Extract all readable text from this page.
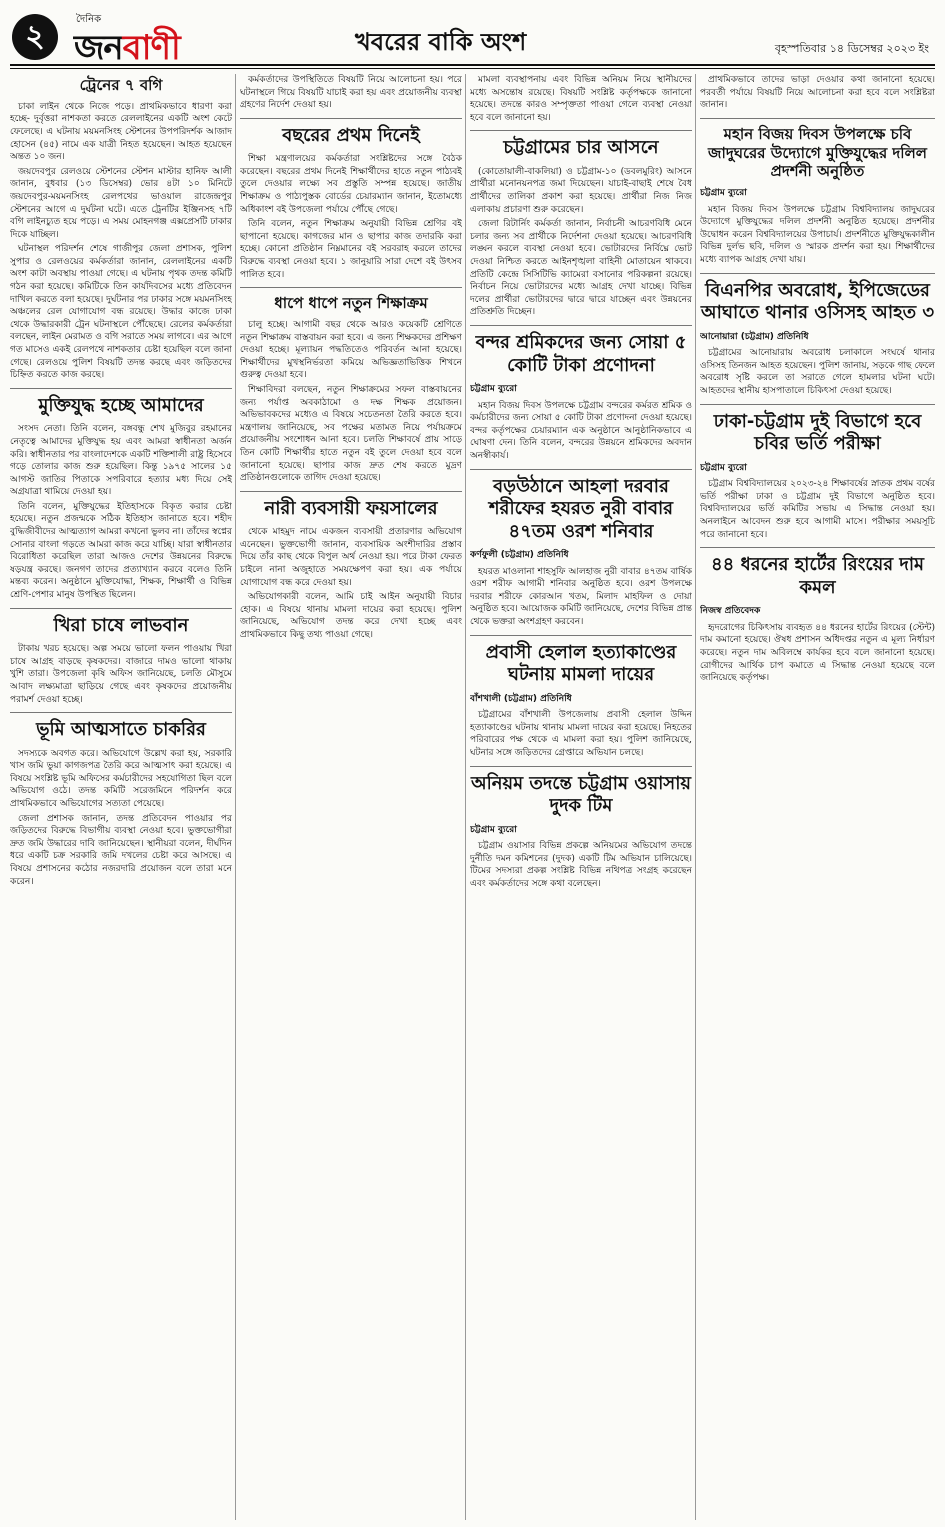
২	দৈনিক
জনবাণী	খবরের বাকি অংশ	বৃহস্পতিবার ১৪ ডিসেম্বর ২০২৩ ইং
ট্রেনের ৭ বগি

চাকা লাইন থেকে নিজে পড়ে। প্রাথমিকভাবে ধারণা করা হচ্ছে- দুর্বৃত্তরা নাশকতা করতে রেললাইনের একটি অংশ কেটে ফেলেছে। এ ঘটনায় ময়মনসিংহ স্টেশনের উপপরিদর্শক আজাদ হোসেন (৪৫) নামে এক যাত্রী নিহত হয়েছেন। আহত হয়েছেন অন্তত ১০ জন।

জয়দেবপুর রেলওয়ে স্টেশনের স্টেশন মাস্টার হানিফ আলী জানান, বুধবার (১৩ ডিসেম্বর) ভোর ৪টা ১০ মিনিটে জয়দেবপুর-ময়মনসিংহ রেলপথের ভাওয়াল রাজেন্দ্রপুর স্টেশনের আগে এ দুর্ঘটনা ঘটে। এতে ট্রেনটির ইঞ্জিনসহ ৭টি বগি লাইনচ্যুত হয়ে পড়ে। এ সময় মোহনগঞ্জ এক্সপ্রেসটি ঢাকার দিকে যাচ্ছিল।

ঘটনাস্থল পরিদর্শন শেষে গাজীপুর জেলা প্রশাসক, পুলিশ সুপার ও রেলওয়ের কর্মকর্তারা জানান, রেললাইনের একটি অংশ কাটা অবস্থায় পাওয়া গেছে। এ ঘটনায় পৃথক তদন্ত কমিটি গঠন করা হয়েছে। কমিটিকে তিন কার্যদিবসের মধ্যে প্রতিবেদন দাখিল করতে বলা হয়েছে। দুর্ঘটনার পর ঢাকার সঙ্গে ময়মনসিংহ অঞ্চলের রেল যোগাযোগ বন্ধ রয়েছে। উদ্ধার কাজে ঢাকা থেকে উদ্ধারকারী ট্রেন ঘটনাস্থলে পৌঁছেছে। রেলের কর্মকর্তারা বলছেন, লাইন মেরামত ও বগি সরাতে সময় লাগবে। এর আগে গত মাসেও একই রেলপথে নাশকতার চেষ্টা হয়েছিল বলে জানা গেছে। রেলওয়ে পুলিশ বিষয়টি তদন্ত করছে এবং জড়িতদের চিহ্নিত করতে কাজ করছে।

মুক্তিযুদ্ধ হচ্ছে আমাদের

সংসদ নেতা। তিনি বলেন, বঙ্গবন্ধু শেখ মুজিবুর রহমানের নেতৃত্বে আমাদের মুক্তিযুদ্ধ হয় এবং আমরা স্বাধীনতা অর্জন করি। স্বাধীনতার পর বাংলাদেশকে একটি শক্তিশালী রাষ্ট্র হিসেবে গড়ে তোলার কাজ শুরু হয়েছিল। কিন্তু ১৯৭৫ সালের ১৫ আগস্ট জাতির পিতাকে সপরিবারে হত্যার মধ্য দিয়ে সেই অগ্রযাত্রা থামিয়ে দেওয়া হয়।

তিনি বলেন, মুক্তিযুদ্ধের ইতিহাসকে বিকৃত করার চেষ্টা হয়েছে। নতুন প্রজন্মকে সঠিক ইতিহাস জানাতে হবে। শহীদ বুদ্ধিজীবীদের আত্মত্যাগ আমরা কখনো ভুলব না। তাঁদের স্বপ্নের সোনার বাংলা গড়তে আমরা কাজ করে যাচ্ছি। যারা স্বাধীনতার বিরোধিতা করেছিল তারা আজও দেশের উন্নয়নের বিরুদ্ধে ষড়যন্ত্র করছে। জনগণ তাদের প্রত্যাখ্যান করবে বলেও তিনি মন্তব্য করেন। অনুষ্ঠানে মুক্তিযোদ্ধা, শিক্ষক, শিক্ষার্থী ও বিভিন্ন শ্রেণি-পেশার মানুষ উপস্থিত ছিলেন।

খিরা চাষে লাভবান

টাকায় খরচ হয়েছে। অল্প সময়ে ভালো ফলন পাওয়ায় খিরা চাষে আগ্রহ বাড়ছে কৃষকদের। বাজারে দামও ভালো থাকায় খুশি তারা। উপজেলা কৃষি অফিস জানিয়েছে, চলতি মৌসুমে আবাদ লক্ষ্যমাত্রা ছাড়িয়ে গেছে এবং কৃষকদের প্রয়োজনীয় পরামর্শ দেওয়া হচ্ছে।

ভূমি আত্মসাতে চাকরির

সদস্যকে অবগত করে। অভিযোগে উল্লেখ করা হয়, সরকারি খাস জমি ভুয়া কাগজপত্র তৈরি করে আত্মসাৎ করা হয়েছে। এ বিষয়ে সংশ্লিষ্ট ভূমি অফিসের কর্মচারীদের সহযোগিতা ছিল বলে অভিযোগ ওঠে। তদন্ত কমিটি সরেজমিনে পরিদর্শন করে প্রাথমিকভাবে অভিযোগের সত্যতা পেয়েছে।

জেলা প্রশাসক জানান, তদন্ত প্রতিবেদন পাওয়ার পর জড়িতদের বিরুদ্ধে বিভাগীয় ব্যবস্থা নেওয়া হবে। ভুক্তভোগীরা দ্রুত জমি উদ্ধারের দাবি জানিয়েছেন। স্থানীয়রা বলেন, দীর্ঘদিন ধরে একটি চক্র সরকারি জমি দখলের চেষ্টা করে আসছে। এ বিষয়ে প্রশাসনের কঠোর নজরদারি প্রয়োজন বলে তারা মনে করেন।

কর্মকর্তাদের উপস্থিতিতে বিষয়টি নিয়ে আলোচনা হয়। পরে ঘটনাস্থলে গিয়ে বিষয়টি যাচাই করা হয় এবং প্রয়োজনীয় ব্যবস্থা গ্রহণের নির্দেশ দেওয়া হয়।

বছরের প্রথম দিনেই

শিক্ষা মন্ত্রণালয়ের কর্মকর্তারা সংশ্লিষ্টদের সঙ্গে বৈঠক করেছেন। বছরের প্রথম দিনেই শিক্ষার্থীদের হাতে নতুন পাঠ্যবই তুলে দেওয়ার লক্ষ্যে সব প্রস্তুতি সম্পন্ন হয়েছে। জাতীয় শিক্ষাক্রম ও পাঠ্যপুস্তক বোর্ডের চেয়ারম্যান জানান, ইতোমধ্যে অধিকাংশ বই উপজেলা পর্যায়ে পৌঁছে গেছে।

তিনি বলেন, নতুন শিক্ষাক্রম অনুযায়ী বিভিন্ন শ্রেণির বই ছাপানো হয়েছে। কাগজের মান ও ছাপার কাজ তদারকি করা হচ্ছে। কোনো প্রতিষ্ঠান নিম্নমানের বই সরবরাহ করলে তাদের বিরুদ্ধে ব্যবস্থা নেওয়া হবে। ১ জানুয়ারি সারা দেশে বই উৎসব পালিত হবে।

ধাপে ধাপে নতুন শিক্ষাক্রম

চালু হচ্ছে। আগামী বছর থেকে আরও কয়েকটি শ্রেণিতে নতুন শিক্ষাক্রম বাস্তবায়ন করা হবে। এ জন্য শিক্ষকদের প্রশিক্ষণ দেওয়া হচ্ছে। মূল্যায়ন পদ্ধতিতেও পরিবর্তন আনা হয়েছে। শিক্ষার্থীদের মুখস্থনির্ভরতা কমিয়ে অভিজ্ঞতাভিত্তিক শিখনে গুরুত্ব দেওয়া হবে।

শিক্ষাবিদরা বলছেন, নতুন শিক্ষাক্রমের সফল বাস্তবায়নের জন্য পর্যাপ্ত অবকাঠামো ও দক্ষ শিক্ষক প্রয়োজন। অভিভাবকদের মধ্যেও এ বিষয়ে সচেতনতা তৈরি করতে হবে। মন্ত্রণালয় জানিয়েছে, সব পক্ষের মতামত নিয়ে পর্যায়ক্রমে প্রয়োজনীয় সংশোধন আনা হবে। চলতি শিক্ষাবর্ষে প্রায় সাড়ে তিন কোটি শিক্ষার্থীর হাতে নতুন বই তুলে দেওয়া হবে বলে জানানো হয়েছে। ছাপার কাজ দ্রুত শেষ করতে মুদ্রণ প্রতিষ্ঠানগুলোকে তাগিদ দেওয়া হয়েছে।

নারী ব্যবসায়ী ফয়সালের

থেকে মাহমুদ নামে একজন ব্যবসায়ী প্রতারণার অভিযোগ এনেছেন। ভুক্তভোগী জানান, ব্যবসায়িক অংশীদারির প্রস্তাব দিয়ে তাঁর কাছ থেকে বিপুল অর্থ নেওয়া হয়। পরে টাকা ফেরত চাইলে নানা অজুহাতে সময়ক্ষেপণ করা হয়। এক পর্যায়ে যোগাযোগ বন্ধ করে দেওয়া হয়।

অভিযোগকারী বলেন, আমি চাই আইন অনুযায়ী বিচার হোক। এ বিষয়ে থানায় মামলা দায়ের করা হয়েছে। পুলিশ জানিয়েছে, অভিযোগ তদন্ত করে দেখা হচ্ছে এবং প্রাথমিকভাবে কিছু তথ্য পাওয়া গেছে।

মামলা ব্যবস্থাপনায় এবং বিভিন্ন অনিয়ম নিয়ে স্থানীয়দের মধ্যে অসন্তোষ রয়েছে। বিষয়টি সংশ্লিষ্ট কর্তৃপক্ষকে জানানো হয়েছে। তদন্তে কারও সম্পৃক্ততা পাওয়া গেলে ব্যবস্থা নেওয়া হবে বলে জানানো হয়।

চট্টগ্রামের চার আসনে

(কোতোয়ালী-বাকলিয়া) ও চট্টগ্রাম-১০ (ডবলমুরিং) আসনে প্রার্থীরা মনোনয়নপত্র জমা দিয়েছেন। যাচাই-বাছাই শেষে বৈধ প্রার্থীদের তালিকা প্রকাশ করা হয়েছে। প্রার্থীরা নিজ নিজ এলাকায় প্রচারণা শুরু করেছেন।

জেলা রিটার্নিং কর্মকর্তা জানান, নির্বাচনী আচরণবিধি মেনে চলার জন্য সব প্রার্থীকে নির্দেশনা দেওয়া হয়েছে। আচরণবিধি লঙ্ঘন করলে ব্যবস্থা নেওয়া হবে। ভোটারদের নির্বিঘ্নে ভোট দেওয়া নিশ্চিত করতে আইনশৃঙ্খলা বাহিনী মোতায়েন থাকবে। প্রতিটি কেন্দ্রে সিসিটিভি ক্যামেরা বসানোর পরিকল্পনা রয়েছে। নির্বাচন নিয়ে ভোটারদের মধ্যে আগ্রহ দেখা যাচ্ছে। বিভিন্ন দলের প্রার্থীরা ভোটারদের দ্বারে দ্বারে যাচ্ছেন এবং উন্নয়নের প্রতিশ্রুতি দিচ্ছেন।

বন্দর শ্রমিকদের জন্য সোয়া ৫ কোটি টাকা প্রণোদনা
চট্টগ্রাম ব্যুরো

মহান বিজয় দিবস উপলক্ষে চট্টগ্রাম বন্দরের কর্মরত শ্রমিক ও কর্মচারীদের জন্য সোয়া ৫ কোটি টাকা প্রণোদনা দেওয়া হয়েছে। বন্দর কর্তৃপক্ষের চেয়ারম্যান এক অনুষ্ঠানে আনুষ্ঠানিকভাবে এ ঘোষণা দেন। তিনি বলেন, বন্দরের উন্নয়নে শ্রমিকদের অবদান অনস্বীকার্য।

বড়উঠানে আহলা দরবার শরীফের হযরত নুরী বাবার ৪৭তম ওরশ শনিবার
কর্ণফুলী (চট্টগ্রাম) প্রতিনিধি

হযরত মাওলানা শাহসুফি আলহাজ নুরী বাবার ৪৭তম বার্ষিক ওরশ শরীফ আগামী শনিবার অনুষ্ঠিত হবে। ওরশ উপলক্ষে দরবার শরীফে কোরআন খতম, মিলাদ মাহফিল ও দোয়া অনুষ্ঠিত হবে। আয়োজক কমিটি জানিয়েছে, দেশের বিভিন্ন প্রান্ত থেকে ভক্তরা অংশগ্রহণ করবেন।

প্রবাসী হেলাল হত্যাকাণ্ডের ঘটনায় মামলা দায়ের
বাঁশখালী (চট্টগ্রাম) প্রতিনিধি

চট্টগ্রামের বাঁশখালী উপজেলায় প্রবাসী হেলাল উদ্দিন হত্যাকাণ্ডের ঘটনায় থানায় মামলা দায়ের করা হয়েছে। নিহতের পরিবারের পক্ষ থেকে এ মামলা করা হয়। পুলিশ জানিয়েছে, ঘটনার সঙ্গে জড়িতদের গ্রেপ্তারে অভিযান চলছে।

অনিয়ম তদন্তে চট্টগ্রাম ওয়াসায় দুদক টিম
চট্টগ্রাম ব্যুরো

চট্টগ্রাম ওয়াসার বিভিন্ন প্রকল্পে অনিয়মের অভিযোগ তদন্তে দুর্নীতি দমন কমিশনের (দুদক) একটি টিম অভিযান চালিয়েছে। টিমের সদস্যরা প্রকল্প সংশ্লিষ্ট বিভিন্ন নথিপত্র সংগ্রহ করেছেন এবং কর্মকর্তাদের সঙ্গে কথা বলেছেন।

প্রাথমিকভাবে তাদের ভাড়া দেওয়ার কথা জানানো হয়েছে। পরবর্তী পর্যায়ে বিষয়টি নিয়ে আলোচনা করা হবে বলে সংশ্লিষ্টরা জানান।

মহান বিজয় দিবস উপলক্ষে চবি জাদুঘরের উদ্যোগে মুক্তিযুদ্ধের দলিল প্রদর্শনী অনুষ্ঠিত
চট্টগ্রাম ব্যুরো

মহান বিজয় দিবস উপলক্ষে চট্টগ্রাম বিশ্ববিদ্যালয় জাদুঘরের উদ্যোগে মুক্তিযুদ্ধের দলিল প্রদর্শনী অনুষ্ঠিত হয়েছে। প্রদর্শনীর উদ্বোধন করেন বিশ্ববিদ্যালয়ের উপাচার্য। প্রদর্শনীতে মুক্তিযুদ্ধকালীন বিভিন্ন দুর্লভ ছবি, দলিল ও স্মারক প্রদর্শন করা হয়। শিক্ষার্থীদের মধ্যে ব্যাপক আগ্রহ দেখা যায়।

বিএনপির অবরোধ, ইপিজেডের আঘাতে থানার ওসিসহ আহত ৩
আনোয়ারা (চট্টগ্রাম) প্রতিনিধি

চট্টগ্রামের আনোয়ারায় অবরোধ চলাকালে সংঘর্ষে থানার ওসিসহ তিনজন আহত হয়েছেন। পুলিশ জানায়, সড়কে গাছ ফেলে অবরোধ সৃষ্টি করলে তা সরাতে গেলে হামলার ঘটনা ঘটে। আহতদের স্থানীয় হাসপাতালে চিকিৎসা দেওয়া হয়েছে।

ঢাকা-চট্টগ্রাম দুই বিভাগে হবে চবির ভর্তি পরীক্ষা
চট্টগ্রাম ব্যুরো

চট্টগ্রাম বিশ্ববিদ্যালয়ের ২০২৩-২৪ শিক্ষাবর্ষের স্নাতক প্রথম বর্ষের ভর্তি পরীক্ষা ঢাকা ও চট্টগ্রাম দুই বিভাগে অনুষ্ঠিত হবে। বিশ্ববিদ্যালয়ের ভর্তি কমিটির সভায় এ সিদ্ধান্ত নেওয়া হয়। অনলাইনে আবেদন শুরু হবে আগামী মাসে। পরীক্ষার সময়সূচি পরে জানানো হবে।

৪৪ ধরনের হার্টের রিংয়ের দাম কমল
নিজস্ব প্রতিবেদক

হৃদরোগের চিকিৎসায় ব্যবহৃত ৪৪ ধরনের হার্টের রিংয়ের (স্টেন্ট) দাম কমানো হয়েছে। ঔষধ প্রশাসন অধিদপ্তর নতুন এ মূল্য নির্ধারণ করেছে। নতুন দাম অবিলম্বে কার্যকর হবে বলে জানানো হয়েছে। রোগীদের আর্থিক চাপ কমাতে এ সিদ্ধান্ত নেওয়া হয়েছে বলে জানিয়েছে কর্তৃপক্ষ।
